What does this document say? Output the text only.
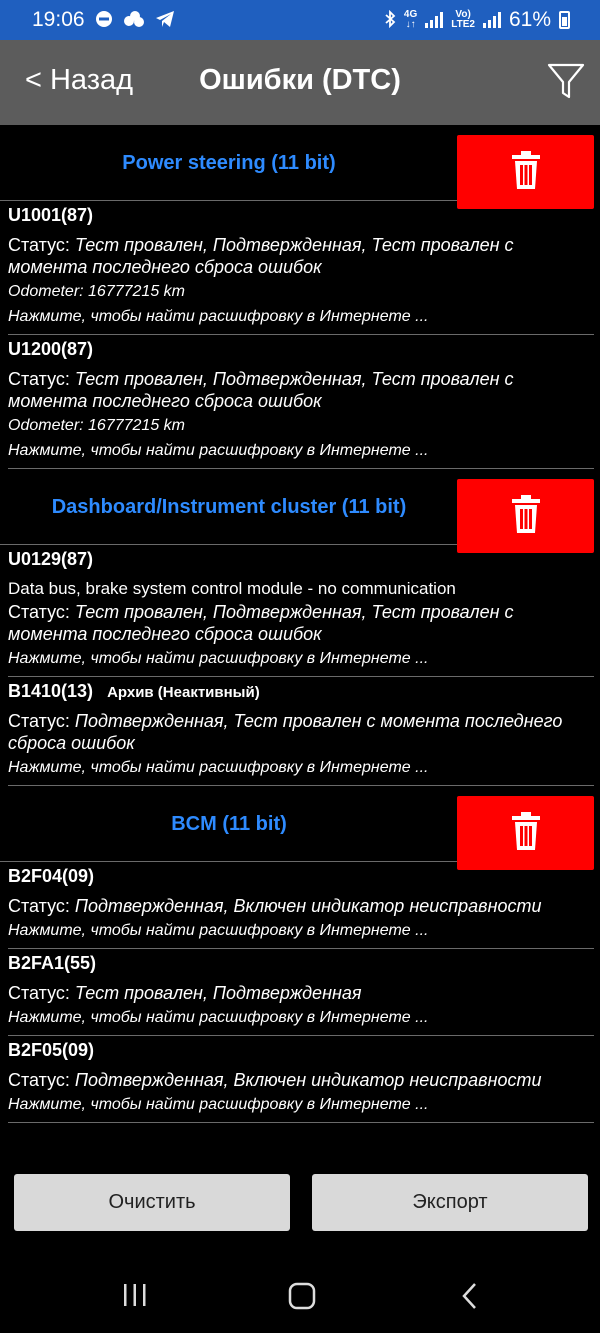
19:06	4G
↓↑
Vo)
LTE2 61%
< Назад	Ошибки (DTC)
Power steering (11 bit)
U1001(87)
Статус: Тест провален, Подтвержденная, Тест провален с момента последнего сброса ошибок
Odometer: 16777215 km
Нажмите, чтобы найти расшифровку в Интернете ...
U1200(87)
Статус: Тест провален, Подтвержденная, Тест провален с момента последнего сброса ошибок
Odometer: 16777215 km
Нажмите, чтобы найти расшифровку в Интернете ...
Dashboard/Instrument cluster (11 bit)
U0129(87)
Data bus, brake system control module - no communication
Статус: Тест провален, Подтвержденная, Тест провален с момента последнего сброса ошибок
Нажмите, чтобы найти расшифровку в Интернете ...
B1410(13) Архив (Неактивный)
Статус: Подтвержденная, Тест провален с момента последнего сброса ошибок
Нажмите, чтобы найти расшифровку в Интернете ...
BCM (11 bit)
B2F04(09)
Статус: Подтвержденная, Включен индикатор неисправности
Нажмите, чтобы найти расшифровку в Интернете ...
B2FA1(55)
Статус: Тест провален, Подтвержденная
Нажмите, чтобы найти расшифровку в Интернете ...
B2F05(09)
Статус: Подтвержденная, Включен индикатор неисправности
Нажмите, чтобы найти расшифровку в Интернете ...
Очистить	Экспорт
